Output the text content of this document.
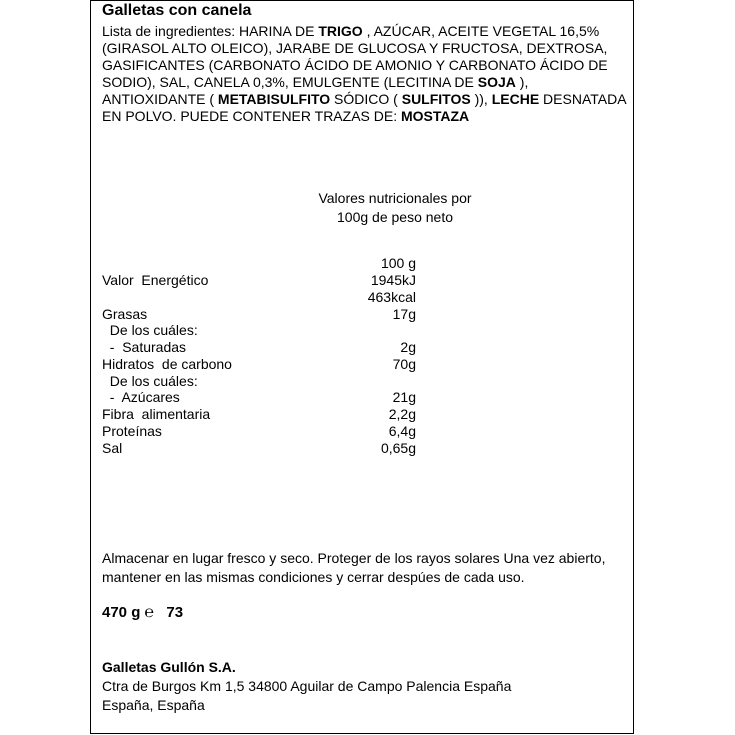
Galletas con canela
Lista de ingredientes: HARINA DE TRIGO , AZÚCAR, ACEITE VEGETAL 16,5%(GIRASOL ALTO OLEICO), JARABE DE GLUCOSA Y FRUCTOSA, DEXTROSA, GASIFICANTES (CARBONATO ÁCIDO DE AMONIO Y CARBONATO ÁCIDO DE SODIO), SAL, CANELA 0,3%, EMULGENTE (LECITINA DE SOJA ), ANTIOXIDANTE ( METABISULFITO SÓDICO ( SULFITOS )), LECHE DESNATADA EN POLVO. PUEDE CONTENER TRAZAS DE: MOSTAZA
Valores nutricionales por
100g de peso neto
100 g
Valor  Energético	1945kJ
463kcal
Grasas	17g
De los cuáles:
-  Saturadas	2g
Hidratos  de carbono	70g
De los cuáles:
-  Azúcares	21g
Fibra  alimentaria	2,2g
Proteínas	6,4g
Sal	0,65g
Almacenar en lugar fresco y seco. Proteger de los rayos solares Una vez abierto, mantener en las mismas condiciones y cerrar despúes de cada uso.
470 g ℮ 73
Galletas Gullón S.A.
Ctra de Burgos Km 1,5 34800 Aguilar de Campo Palencia España
España, España
